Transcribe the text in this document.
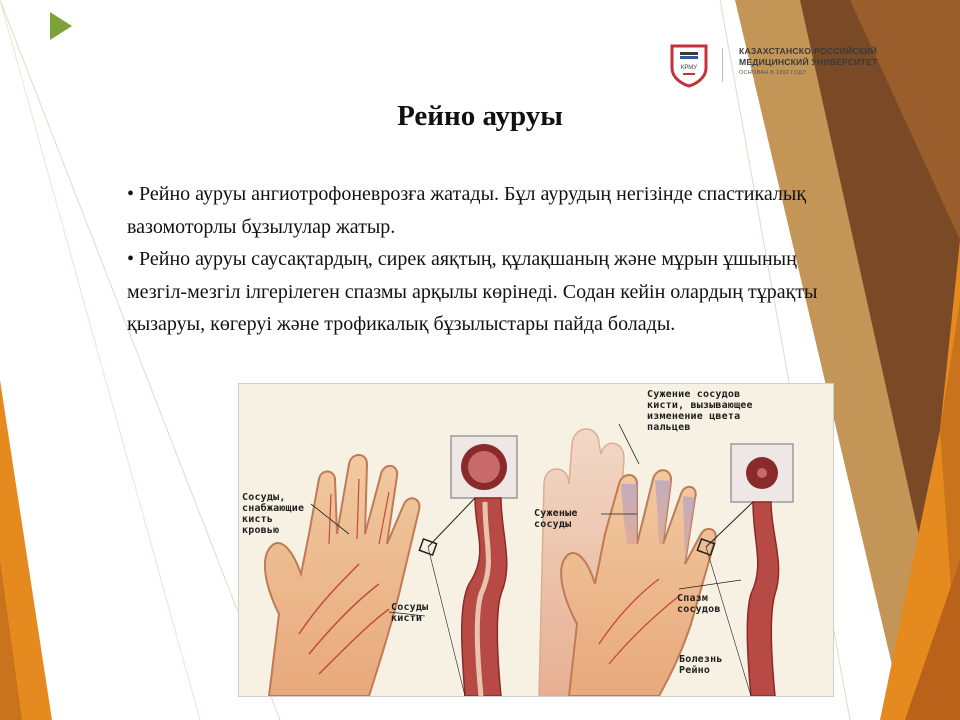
КРМУ
КАЗАХСТАНСКО-РОССИЙСКИЙ
МЕДИЦИНСКИЙ УНИВЕРСИТЕТ
ОСНОВАН В 1992 ГОДУ
Рейно ауруы
• Рейно ауруы ангиотрофоневрозға жатады. Бұл аурудың негізінде спастикалық вазомоторлы бұзылулар жатыр.
• Рейно ауруы саусақтардың, сирек аяқтың, құлақшаның және мұрын ұшының мезгіл-мезгіл ілгерілеген спазмы арқылы көрінеді. Содан кейін олардың тұрақты қызаруы, көгеруі және трофикалық бұзылыстары пайда болады.
Сосуды,
снабжающие
кисть
кровью
Сосуды
кисти
Сужение сосудов
кисти, вызывающее
изменение цвета
пальцев
Суженые
сосуды
Спазм
сосудов
Болезнь
Рейно
